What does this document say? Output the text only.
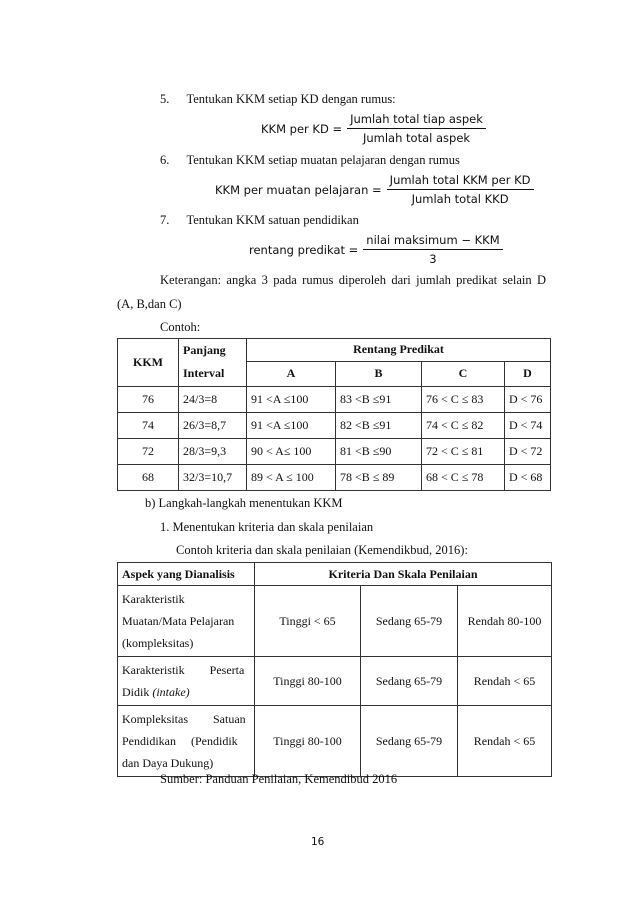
5. Tentukan KKM setiap KD dengan rumus:
KKM per KD = $\frac{\text{Jumlah total tiap aspek}}{\text{Jumlah total aspek}}$
6. Tentukan KKM setiap muatan pelajaran dengan rumus
KKM per muatan pelajaran = $\frac{\text{Jumlah total KKM per KD}}{\text{Jumlah total KKD}}$
7. Tentukan KKM satuan pendidikan
rentang predikat = $\frac{\text{nilai maksimum − KKM}}{3}$
Keterangan: angka 3 pada rumus diperoleh dari jumlah predikat selain D
(A, B,dan C)
Contoh:
KKM	Panjang	Rentang Predikat			
	Interval	A	B	C	D
76	24/3=8	91 <A ≤100	83 <B ≤91	76 < C ≤ 83	D < 76
74	26/3=8,7	91 <A ≤100	82 <B ≤91	74 < C ≤ 82	D < 74
72	28/3=9,3	90 < A≤ 100	81 <B ≤90	72 < C ≤ 81	D < 72
68	32/3=10,7	89 < A ≤ 100	78 <B ≤ 89	68 < C ≤ 78	D < 68
b) Langkah-langkah menentukan KKM
1. Menentukan kriteria dan skala penilaian
Contoh kriteria dan skala penilaian (Kemendikbud, 2016):
Aspek yang Dianalisis	Kriteria Dan Skala Penilaian		

Karakteristik
Muatan/Mata Pelajaran
(kompleksitas)	Tinggi < 65	Sedang 65-79	Rendah 80-100

Karakteristik Peserta
Didik (intake)	Tinggi 80-100	Sedang 65-79	Rendah < 65

Kompleksitas Satuan
Pendidikan (Pendidik
dan Daya Dukung)	Tinggi 80-100	Sedang 65-79	Rendah < 65
Sumber: Panduan Penilaian, Kemendibud 2016
16
